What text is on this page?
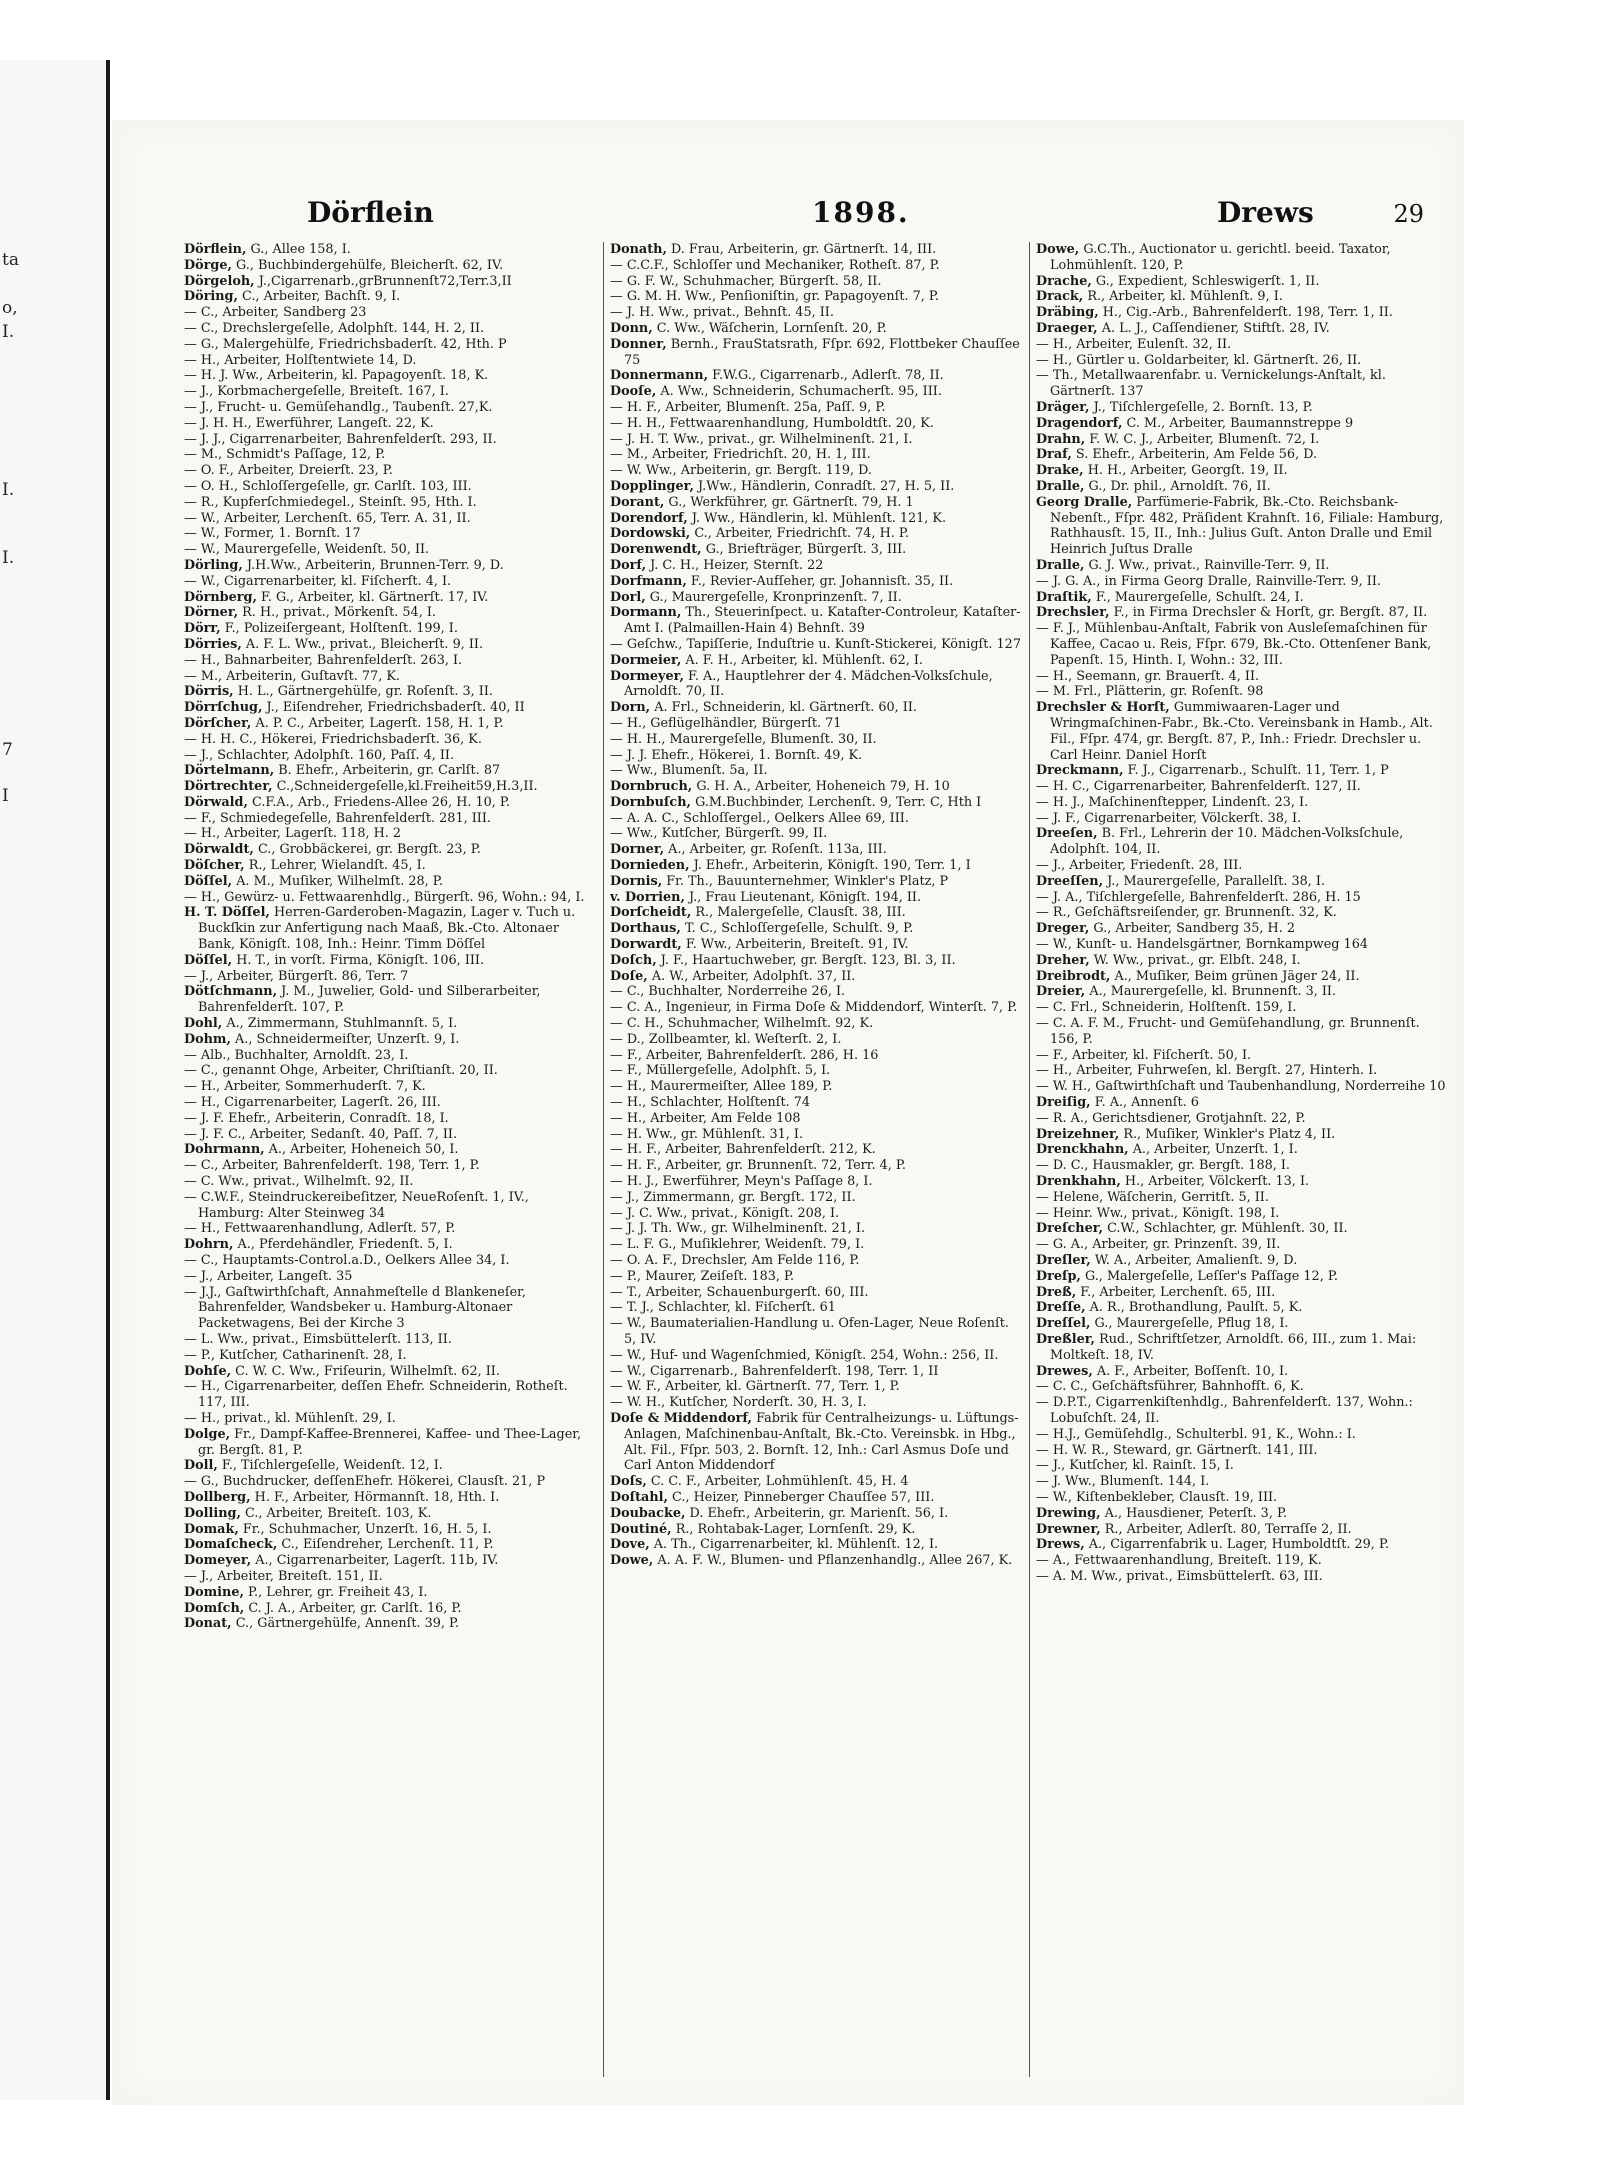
ta
o,
I.
I.
I.
7
I
Dörflein	1898.	Drews	29

Dörflein, G., Allee 158, I.

Dörge, G., Buchbindergehülfe, Bleicherſt. 62, IV.

Dörgeloh, J.,Cigarrenarb.,grBrunnenſt72,Terr.3,II

Döring, C., Arbeiter, Bachſt. 9, I.

— C., Arbeiter, Sandberg 23

— C., Drechslergeſelle, Adolphſt. 144, H. 2, II.

— G., Malergehülfe, Friedrichsbaderſt. 42, Hth. P

— H., Arbeiter, Holſtentwiete 14, D.

— H. J. Ww., Arbeiterin, kl. Papagoyenſt. 18, K.

— J., Korbmachergeſelle, Breiteſt. 167, I.

— J., Frucht- u. Gemüſehandlg., Taubenſt. 27,K.

— J. H. H., Ewerführer, Langeſt. 22, K.

— J. J., Cigarrenarbeiter, Bahrenfelderſt. 293, II.

— M., Schmidt's Paſſage, 12, P.

— O. F., Arbeiter, Dreierſt. 23, P.

— O. H., Schloſſergeſelle, gr. Carlſt. 103, III.

— R., Kupferſchmiedegel., Steinſt. 95, Hth. I.

— W., Arbeiter, Lerchenſt. 65, Terr. A. 31, II.

— W., Former, 1. Bornſt. 17

— W., Maurergeſelle, Weidenſt. 50, II.

Dörling, J.H.Ww., Arbeiterin, Brunnen-Terr. 9, D.

— W., Cigarrenarbeiter, kl. Fiſcherſt. 4, I.

Dörnberg, F. G., Arbeiter, kl. Gärtnerſt. 17, IV.

Dörner, R. H., privat., Mörkenſt. 54, I.

Dörr, F., Polizeiſergeant, Holſtenſt. 199, I.

Dörries, A. F. L. Ww., privat., Bleicherſt. 9, II.

— H., Bahnarbeiter, Bahrenfelderſt. 263, I.

— M., Arbeiterin, Guſtavſt. 77, K.

Dörris, H. L., Gärtnergehülfe, gr. Roſenſt. 3, II.

Dörrſchug, J., Eiſendreher, Friedrichsbaderſt. 40, II

Dörſcher, A. P. C., Arbeiter, Lagerſt. 158, H. 1, P.

— H. H. C., Hökerei, Friedrichsbaderſt. 36, K.

— J., Schlachter, Adolphſt. 160, Paſſ. 4, II.

Dörtelmann, B. Ehefr., Arbeiterin, gr. Carlſt. 87

Dörtrechter, C.,Schneidergeſelle,kl.Freiheit59,H.3,II.

Dörwald, C.F.A., Arb., Friedens-Allee 26, H. 10, P.

— F., Schmiedegeſelle, Bahrenfelderſt. 281, III.

— H., Arbeiter, Lagerſt. 118, H. 2

Dörwaldt, C., Grobbäckerei, gr. Bergſt. 23, P.

Döſcher, R., Lehrer, Wielandſt. 45, I.

Döſſel, A. M., Muſiker, Wilhelmſt. 28, P.

— H., Gewürz- u. Fettwaarenhdlg., Bürgerſt. 96, Wohn.: 94, I.

H. T. Döſſel, Herren-Garderoben-Magazin, Lager v. Tuch u. Buckſkin zur Anfertigung nach Maaß, Bk.-Cto. Altonaer Bank, Königſt. 108, Inh.: Heinr. Timm Döſſel

Döſſel, H. T., in vorſt. Firma, Königſt. 106, III.

— J., Arbeiter, Bürgerſt. 86, Terr. 7

Dötſchmann, J. M., Juwelier, Gold- und Silberarbeiter, Bahrenfelderſt. 107, P.

Dohl, A., Zimmermann, Stuhlmannſt. 5, I.

Dohm, A., Schneidermeiſter, Unzerſt. 9, I.

— Alb., Buchhalter, Arnoldſt. 23, I.

— C., genannt Ohge, Arbeiter, Chriſtianſt. 20, II.

— H., Arbeiter, Sommerhuderſt. 7, K.

— H., Cigarrenarbeiter, Lagerſt. 26, III.

— J. F. Ehefr., Arbeiterin, Conradſt. 18, I.

— J. F. C., Arbeiter, Sedanſt. 40, Paſſ. 7, II.

Dohrmann, A., Arbeiter, Hoheneich 50, I.

— C., Arbeiter, Bahrenfelderſt. 198, Terr. 1, P.

— C. Ww., privat., Wilhelmſt. 92, II.

— C.W.F., Steindruckereibeſitzer, NeueRoſenſt. 1, IV., Hamburg: Alter Steinweg 34

— H., Fettwaarenhandlung, Adlerſt. 57, P.

Dohrn, A., Pferdehändler, Friedenſt. 5, I.

— C., Hauptamts-Control.a.D., Oelkers Allee 34, I.

— J., Arbeiter, Langeſt. 35

— J.J., Gaſtwirthſchaft, Annahmeſtelle d Blankeneſer, Bahrenfelder, Wandsbeker u. Hamburg-Altonaer Packetwagens, Bei der Kirche 3

— L. Ww., privat., Eimsbüttelerſt. 113, II.

— P., Kutſcher, Catharinenſt. 28, I.

Dohſe, C. W. C. Ww., Friſeurin, Wilhelmſt. 62, II.

— H., Cigarrenarbeiter, deſſen Ehefr. Schneiderin, Rotheſt. 117, III.

— H., privat., kl. Mühlenſt. 29, I.

Dolge, Fr., Dampf-Kaffee-Brennerei, Kaffee- und Thee-Lager, gr. Bergſt. 81, P.

Doll, F., Tiſchlergeſelle, Weidenſt. 12, I.

— G., Buchdrucker, deſſenEhefr. Hökerei, Clausſt. 21, P

Dollberg, H. F., Arbeiter, Hörmannſt. 18, Hth. I.

Dolling, C., Arbeiter, Breiteſt. 103, K.

Domak, Fr., Schuhmacher, Unzerſt. 16, H. 5, I.

Domaſcheck, C., Eiſendreher, Lerchenſt. 11, P.

Domeyer, A., Cigarrenarbeiter, Lagerſt. 11b, IV.

— J., Arbeiter, Breiteſt. 151, II.

Domine, P., Lehrer, gr. Freiheit 43, I.

Domſch, C. J. A., Arbeiter, gr. Carlſt. 16, P.

Donat, C., Gärtnergehülfe, Annenſt. 39, P.

Donath, D. Frau, Arbeiterin, gr. Gärtnerſt. 14, III.

— C.C.F., Schloſſer und Mechaniker, Rotheſt. 87, P.

— G. F. W., Schuhmacher, Bürgerſt. 58, II.

— G. M. H. Ww., Penſioniſtin, gr. Papagoyenſt. 7, P.

— J. H. Ww., privat., Behnſt. 45, II.

Donn, C. Ww., Wäſcherin, Lornſenſt. 20, P.

Donner, Bernh., FrauStatsrath, Fſpr. 692, Flottbeker Chauſſee 75

Donnermann, F.W.G., Cigarrenarb., Adlerſt. 78, II.

Dooſe, A. Ww., Schneiderin, Schumacherſt. 95, III.

— H. F., Arbeiter, Blumenſt. 25a, Paſſ. 9, P.

— H. H., Fettwaarenhandlung, Humboldtſt. 20, K.

— J. H. T. Ww., privat., gr. Wilhelminenſt. 21, I.

— M., Arbeiter, Friedrichſt. 20, H. 1, III.

— W. Ww., Arbeiterin, gr. Bergſt. 119, D.

Dopplinger, J.Ww., Händlerin, Conradſt. 27, H. 5, II.

Dorant, G., Werkführer, gr. Gärtnerſt. 79, H. 1

Dorendorf, J. Ww., Händlerin, kl. Mühlenſt. 121, K.

Dordowski, C., Arbeiter, Friedrichſt. 74, H. P.

Dorenwendt, G., Briefträger, Bürgerſt. 3, III.

Dorf, J. C. H., Heizer, Sternſt. 22

Dorfmann, F., Revier-Aufſeher, gr. Johannisſt. 35, II.

Dorl, G., Maurergeſelle, Kronprinzenſt. 7, II.

Dormann, Th., Steuerinſpect. u. Kataſter-Controleur, Kataſter-Amt I. (Palmaillen-Hain 4) Behnſt. 39

— Geſchw., Tapiſſerie, Induſtrie u. Kunſt-Stickerei, Königſt. 127

Dormeier, A. F. H., Arbeiter, kl. Mühlenſt. 62, I.

Dormeyer, F. A., Hauptlehrer der 4. Mädchen-Volksſchule, Arnoldſt. 70, II.

Dorn, A. Frl., Schneiderin, kl. Gärtnerſt. 60, II.

— H., Geflügelhändler, Bürgerſt. 71

— H. H., Maurergeſelle, Blumenſt. 30, II.

— J. J. Ehefr., Hökerei, 1. Bornſt. 49, K.

— Ww., Blumenſt. 5a, II.

Dornbruch, G. H. A., Arbeiter, Hoheneich 79, H. 10

Dornbuſch, G.M.Buchbinder, Lerchenſt. 9, Terr. C, Hth I

— A. A. C., Schloſſergel., Oelkers Allee 69, III.

— Ww., Kutſcher, Bürgerſt. 99, II.

Dorner, A., Arbeiter, gr. Roſenſt. 113a, III.

Dornieden, J. Ehefr., Arbeiterin, Königſt. 190, Terr. 1, I

Dornis, Fr. Th., Bauunternehmer, Winkler's Platz, P

v. Dorrien, J., Frau Lieutenant, Königſt. 194, II.

Dorſcheidt, R., Malergeſelle, Clausſt. 38, III.

Dorthaus, T. C., Schloſſergeſelle, Schulſt. 9, P.

Dorwardt, F. Ww., Arbeiterin, Breiteſt. 91, IV.

Doſch, J. F., Haartuchweber, gr. Bergſt. 123, Bl. 3, II.

Doſe, A. W., Arbeiter, Adolphſt. 37, II.

— C., Buchhalter, Norderreihe 26, I.

— C. A., Ingenieur, in Firma Doſe & Middendorf, Winterſt. 7, P.

— C. H., Schuhmacher, Wilhelmſt. 92, K.

— D., Zollbeamter, kl. Weſterſt. 2, I.

— F., Arbeiter, Bahrenfelderſt. 286, H. 16

— F., Müllergeſelle, Adolphſt. 5, I.

— H., Maurermeiſter, Allee 189, P.

— H., Schlachter, Holſtenſt. 74

— H., Arbeiter, Am Felde 108

— H. Ww., gr. Mühlenſt. 31, I.

— H. F., Arbeiter, Bahrenfelderſt. 212, K.

— H. F., Arbeiter, gr. Brunnenſt. 72, Terr. 4, P.

— H. J., Ewerführer, Meyn's Paſſage 8, I.

— J., Zimmermann, gr. Bergſt. 172, II.

— J. C. Ww., privat., Königſt. 208, I.

— J. J. Th. Ww., gr. Wilhelminenſt. 21, I.

— L. F. G., Muſiklehrer, Weidenſt. 79, I.

— O. A. F., Drechsler, Am Felde 116, P.

— P., Maurer, Zeiſeſt. 183, P.

— T., Arbeiter, Schauenburgerſt. 60, III.

— T. J., Schlachter, kl. Fiſcherſt. 61

— W., Baumaterialien-Handlung u. Ofen-Lager, Neue Roſenſt. 5, IV.

— W., Huf- und Wagenſchmied, Königſt. 254, Wohn.: 256, II.

— W., Cigarrenarb., Bahrenfelderſt. 198, Terr. 1, II

— W. F., Arbeiter, kl. Gärtnerſt. 77, Terr. 1, P.

— W. H., Kutſcher, Norderſt. 30, H. 3, I.

Doſe & Middendorf, Fabrik für Centralheizungs- u. Lüftungs-Anlagen, Maſchinenbau-Anſtalt, Bk.-Cto. Vereinsbk. in Hbg., Alt. Fil., Fſpr. 503, 2. Bornſt. 12, Inh.: Carl Asmus Doſe und Carl Anton Middendorf

Doſs, C. C. F., Arbeiter, Lohmühlenſt. 45, H. 4

Doſtahl, C., Heizer, Pinneberger Chauſſee 57, III.

Doubacke, D. Ehefr., Arbeiterin, gr. Marienſt. 56, I.

Doutiné, R., Rohtabak-Lager, Lornſenſt. 29, K.

Dove, A. Th., Cigarrenarbeiter, kl. Mühlenſt. 12, I.

Dowe, A. A. F. W., Blumen- und Pflanzenhandlg., Allee 267, K.

Dowe, G.C.Th., Auctionator u. gerichtl. beeid. Taxator, Lohmühlenſt. 120, P.

Drache, G., Expedient, Schleswigerſt. 1, II.

Drack, R., Arbeiter, kl. Mühlenſt. 9, I.

Dräbing, H., Cig.-Arb., Bahrenfelderſt. 198, Terr. 1, II.

Draeger, A. L. J., Caſſendiener, Stiftſt. 28, IV.

— H., Arbeiter, Eulenſt. 32, II.

— H., Gürtler u. Goldarbeiter, kl. Gärtnerſt. 26, II.

— Th., Metallwaarenfabr. u. Vernickelungs-Anſtalt, kl. Gärtnerſt. 137

Dräger, J., Tiſchlergeſelle, 2. Bornſt. 13, P.

Dragendorf, C. M., Arbeiter, Baumannstreppe 9

Drahn, F. W. C. J., Arbeiter, Blumenſt. 72, I.

Draf, S. Ehefr., Arbeiterin, Am Felde 56, D.

Drake, H. H., Arbeiter, Georgſt. 19, II.

Dralle, G., Dr. phil., Arnoldſt. 76, II.

Georg Dralle, Parfümerie-Fabrik, Bk.-Cto. Reichsbank-Nebenſt., Fſpr. 482, Präſident Krahnſt. 16, Filiale: Hamburg, Rathhausſt. 15, II., Inh.: Julius Guſt. Anton Dralle und Emil Heinrich Juſtus Dralle

Dralle, G. J. Ww., privat., Rainville-Terr. 9, II.

— J. G. A., in Firma Georg Dralle, Rainville-Terr. 9, II.

Draſtik, F., Maurergeſelle, Schulſt. 24, I.

Drechsler, F., in Firma Drechsler & Horſt, gr. Bergſt. 87, II.

— F. J., Mühlenbau-Anſtalt, Fabrik von Ausleſemaſchinen für Kaffee, Cacao u. Reis, Fſpr. 679, Bk.-Cto. Ottenſener Bank, Papenſt. 15, Hinth. I, Wohn.: 32, III.

— H., Seemann, gr. Brauerſt. 4, II.

— M. Frl., Plätterin, gr. Roſenſt. 98

Drechsler & Horſt, Gummiwaaren-Lager und Wringmaſchinen-Fabr., Bk.-Cto. Vereinsbank in Hamb., Alt. Fil., Fſpr. 474, gr. Bergſt. 87, P., Inh.: Friedr. Drechsler u. Carl Heinr. Daniel Horſt

Dreckmann, F. J., Cigarrenarb., Schulſt. 11, Terr. 1, P

— H. C., Cigarrenarbeiter, Bahrenfelderſt. 127, II.

— H. J., Maſchinenſtepper, Lindenſt. 23, I.

— J. F., Cigarrenarbeiter, Völckerſt. 38, I.

Dreeſen, B. Frl., Lehrerin der 10. Mädchen-Volksſchule, Adolphſt. 104, II.

— J., Arbeiter, Friedenſt. 28, III.

Dreeſſen, J., Maurergeſelle, Parallelſt. 38, I.

— J. A., Tiſchlergeſelle, Bahrenfelderſt. 286, H. 15

— R., Geſchäftsreiſender, gr. Brunnenſt. 32, K.

Dreger, G., Arbeiter, Sandberg 35, H. 2

— W., Kunſt- u. Handelsgärtner, Bornkampweg 164

Dreher, W. Ww., privat., gr. Elbſt. 248, I.

Dreibrodt, A., Muſiker, Beim grünen Jäger 24, II.

Dreier, A., Maurergeſelle, kl. Brunnenſt. 3, II.

— C. Frl., Schneiderin, Holſtenſt. 159, I.

— C. A. F. M., Frucht- und Gemüſehandlung, gr. Brunnenſt. 156, P.

— F., Arbeiter, kl. Fiſcherſt. 50, I.

— H., Arbeiter, Fuhrweſen, kl. Bergſt. 27, Hinterh. I.

— W. H., Gaſtwirthſchaft und Taubenhandlung, Norderreihe 10

Dreiſig, F. A., Annenſt. 6

— R. A., Gerichtsdiener, Grotjahnſt. 22, P.

Dreizehner, R., Muſiker, Winkler's Platz 4, II.

Drenckhahn, A., Arbeiter, Unzerſt. 1, I.

— D. C., Hausmakler, gr. Bergſt. 188, I.

Drenkhahn, H., Arbeiter, Völckerſt. 13, I.

— Helene, Wäſcherin, Gerritſt. 5, II.

— Heinr. Ww., privat., Königſt. 198, I.

Dreſcher, C.W., Schlachter, gr. Mühlenſt. 30, II.

— G. A., Arbeiter, gr. Prinzenſt. 39, II.

Dreſler, W. A., Arbeiter, Amalienſt. 9, D.

Dreſp, G., Malergeſelle, Leſſer's Paſſage 12, P.

Dreß, F., Arbeiter, Lerchenſt. 65, III.

Dreſſe, A. R., Brothandlung, Paulſt. 5, K.

Dreſſel, G., Maurergeſelle, Pflug 18, I.

Dreßler, Rud., Schriftſetzer, Arnoldſt. 66, III., zum 1. Mai: Moltkeſt. 18, IV.

Drewes, A. F., Arbeiter, Boſſenſt. 10, I.

— C. C., Geſchäftsführer, Bahnhofſt. 6, K.

— D.P.T., Cigarrenkiſtenhdlg., Bahrenfelderſt. 137, Wohn.: Lobuſchſt. 24, II.

— H.J., Gemüſehdlg., Schulterbl. 91, K., Wohn.: I.

— H. W. R., Steward, gr. Gärtnerſt. 141, III.

— J., Kutſcher, kl. Rainſt. 15, I.

— J. Ww., Blumenſt. 144, I.

— W., Kiſtenbekleber, Clausſt. 19, III.

Drewing, A., Hausdiener, Peterſt. 3, P.

Drewner, R., Arbeiter, Adlerſt. 80, Terraſſe 2, II.

Drews, A., Cigarrenfabrik u. Lager, Humboldtſt. 29, P.

— A., Fettwaarenhandlung, Breiteſt. 119, K.

— A. M. Ww., privat., Eimsbüttelerſt. 63, III.
